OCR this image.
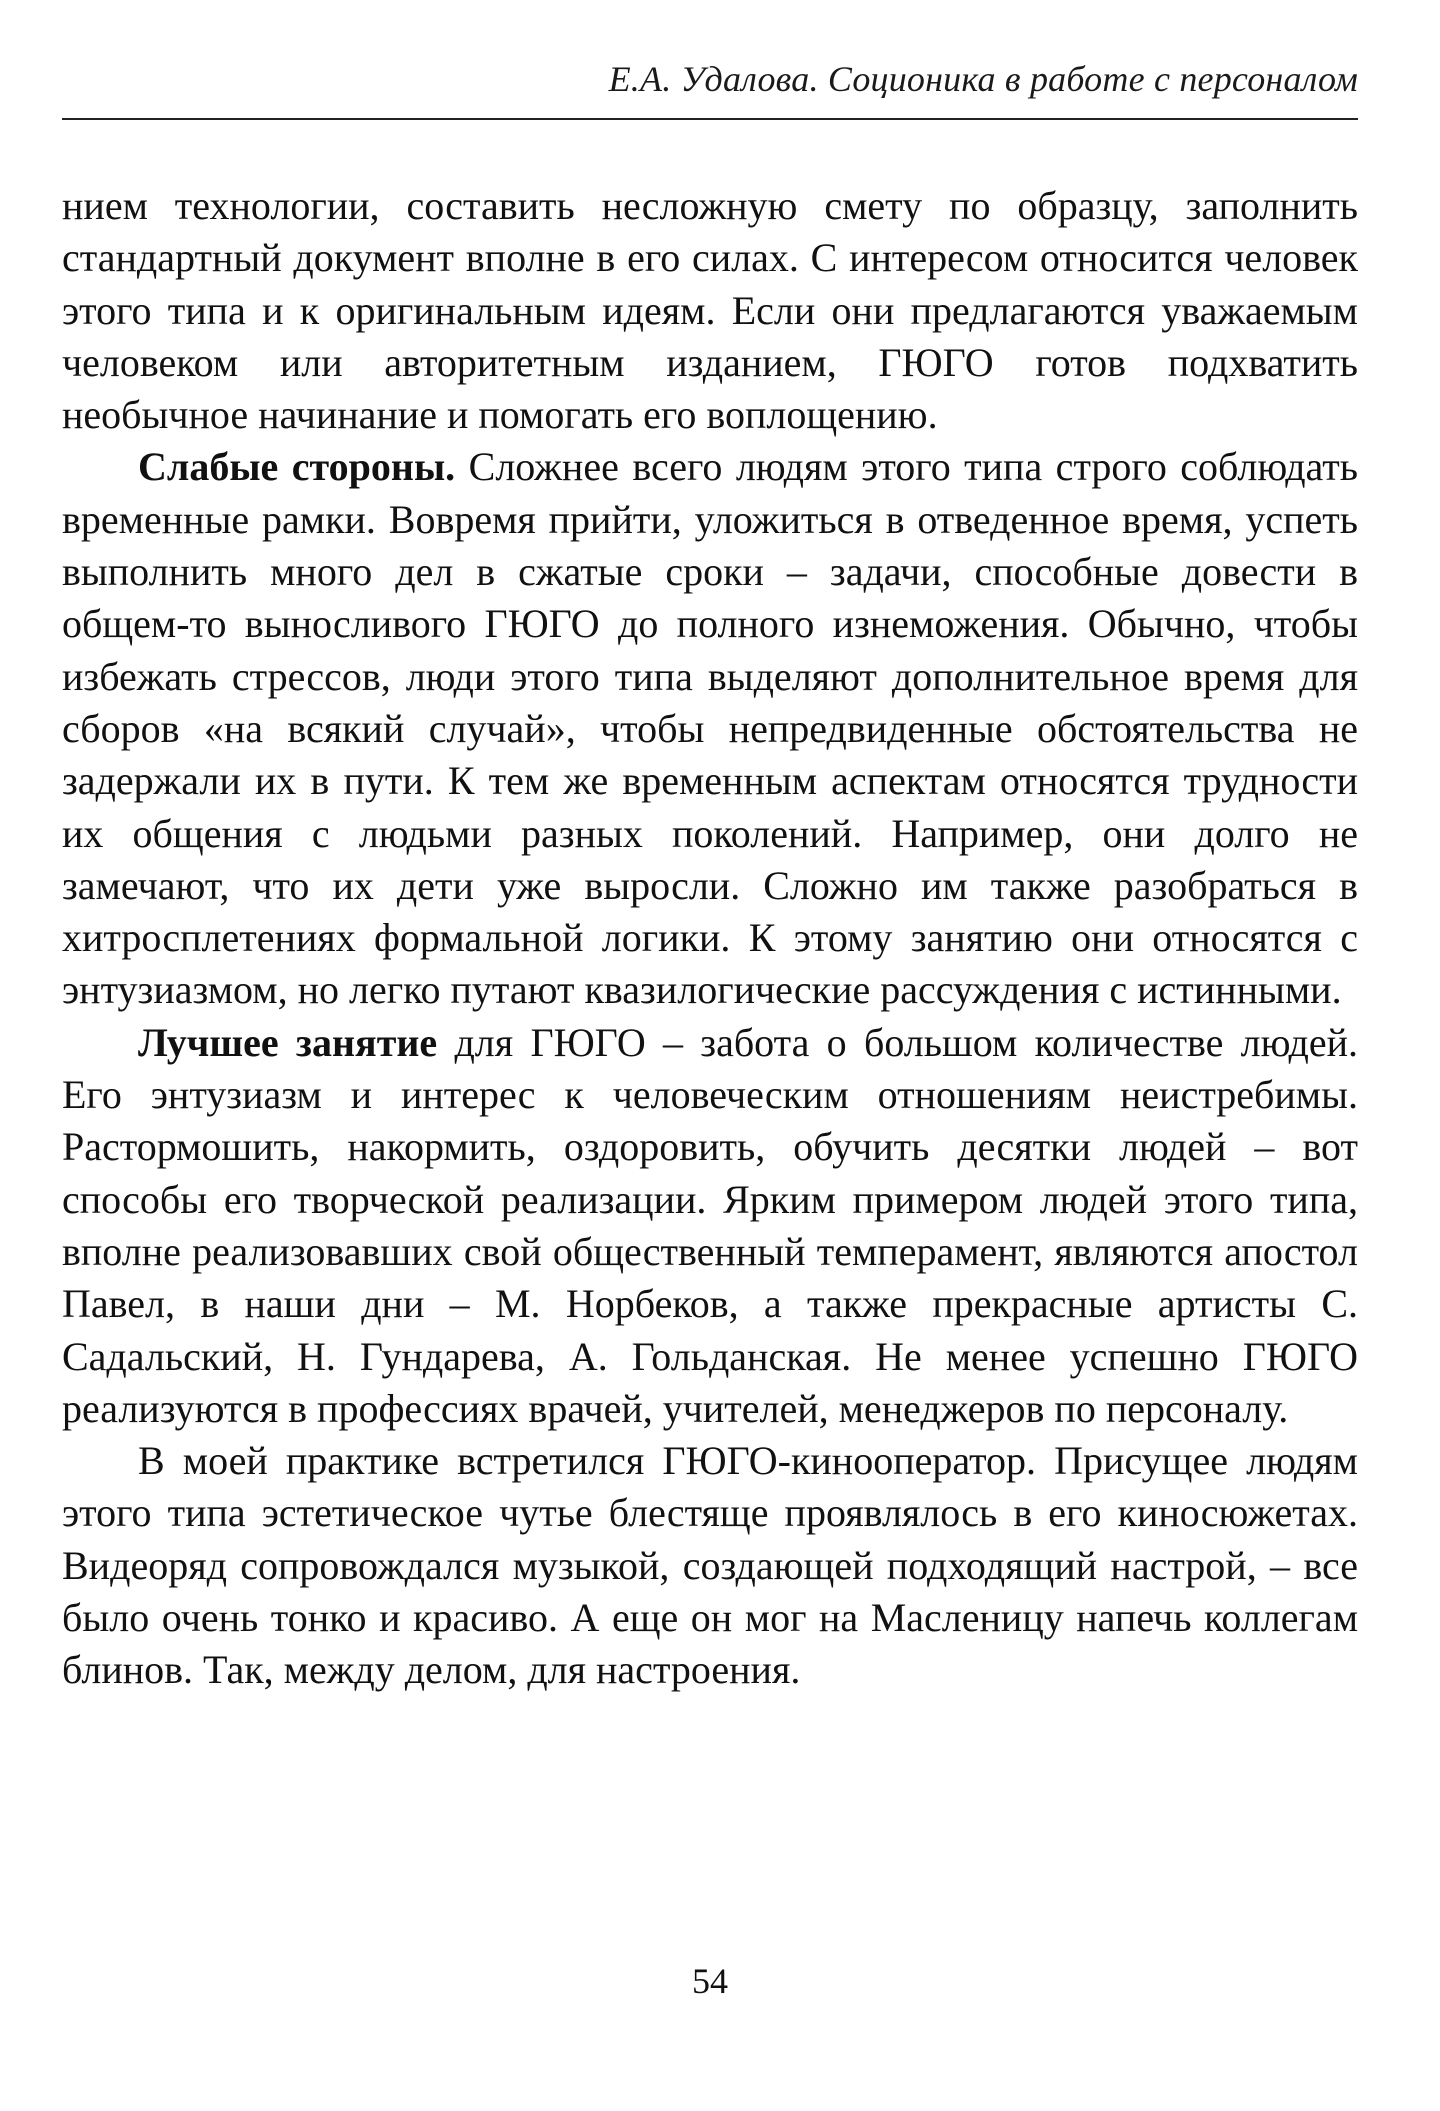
Е.А. Удалова. Соционика в работе с персоналом

нием технологии, составить несложную смету по образцу, заполнить стандартный документ вполне в его силах. С интересом относится человек этого типа и к оригинальным идеям. Если они предлагаются уважаемым человеком или авторитетным изданием, ГЮГО готов подхватить необычное начинание и помогать его воплощению.

Слабые стороны. Сложнее всего людям этого типа строго соблюдать временные рамки. Вовремя прийти, уложиться в отведенное время, успеть выполнить много дел в сжатые сроки – задачи, способные довести в общем-то выносливого ГЮГО до полного изнеможения. Обычно, чтобы избежать стрессов, люди этого типа выделяют дополнительное время для сборов «на всякий случай», чтобы непредвиденные обстоятельства не задержали их в пути. К тем же временным аспектам относятся трудности их общения с людьми разных поколений. Например, они долго не замечают, что их дети уже выросли. Сложно им также разобраться в хитросплетениях формальной логики. К этому занятию они относятся с энтузиазмом, но легко путают квазилогические рассуждения с истинными.

Лучшее занятие для ГЮГО – забота о большом количестве людей. Его энтузиазм и интерес к человеческим отношениям неистребимы. Растормошить, накормить, оздоровить, обучить десятки людей – вот способы его творческой реализации. Ярким примером людей этого типа, вполне реализовавших свой общественный темперамент, являются апостол Павел, в наши дни – М. Норбеков, а также прекрасные артисты С. Садальский, Н. Гундарева, А. Гольданская. Не менее успешно ГЮГО реализуются в профессиях врачей, учителей, менеджеров по персоналу.

В моей практике встретился ГЮГО-кинооператор. Присущее людям этого типа эстетическое чутье блестяще проявлялось в его киносюжетах. Видеоряд сопровождался музыкой, создающей подходящий настрой, – все было очень тонко и красиво. А еще он мог на Масленицу напечь коллегам блинов. Так, между делом, для настроения.

54
